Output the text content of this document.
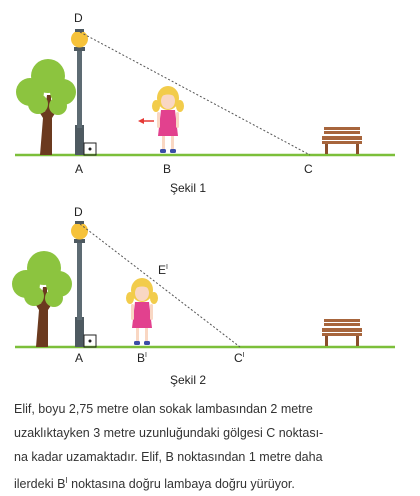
D
A	B	C
Şekil 1
D
$E^I$
A	$B^I$	$C^I$
Şekil 2

Elif, boyu 2,75 metre olan sokak lambasından 2 metre

uzaklıktayken 3 metre uzunluğundaki gölgesi C noktası-

na kadar uzamaktadır. Elif, B noktasından 1 metre daha

ilerdeki $B^I$ noktasına doğru lambaya doğru yürüyor.
